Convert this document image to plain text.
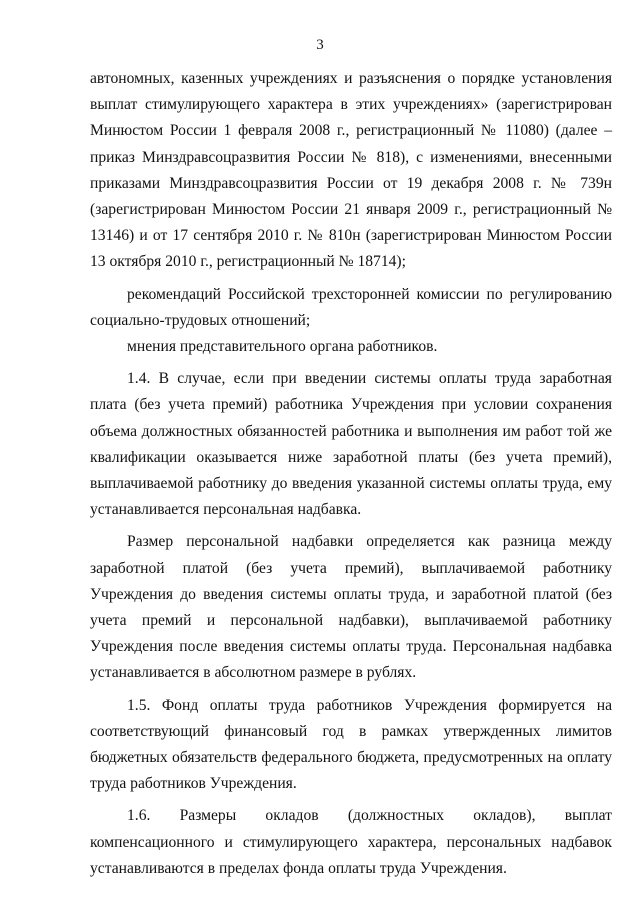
3

автономных, казенных учреждениях и разъяснения о порядке установления выплат стимулирующего характера в этих учреждениях» (зарегистрирован Минюстом России 1 февраля 2008 г., регистрационный № 11080) (далее – приказ Минздравсоцразвития России № 818), с изменениями, внесенными приказами Минздравсоцразвития России от 19 декабря 2008 г. № 739н (зарегистрирован Минюстом России 21 января 2009 г., регистрационный № 13146) и от 17 сентября 2010 г. № 810н (зарегистрирован Минюстом России 13 октября 2010 г., регистрационный № 18714);

рекомендаций Российской трехсторонней комиссии по регулированию социально-трудовых отношений;

мнения представительного органа работников.

1.4. В случае, если при введении системы оплаты труда заработная плата (без учета премий) работника Учреждения при условии сохранения объема должностных обязанностей работника и выполнения им работ той же квалификации оказывается ниже заработной платы (без учета премий), выплачиваемой работнику до введения указанной системы оплаты труда, ему устанавливается персональная надбавка.

Размер персональной надбавки определяется как разница между заработной платой (без учета премий), выплачиваемой работнику Учреждения до введения системы оплаты труда, и заработной платой (без учета премий и персональной надбавки), выплачиваемой работнику Учреждения после введения системы оплаты труда. Персональная надбавка устанавливается в абсолютном размере в рублях.

1.5. Фонд оплаты труда работников Учреждения формируется на соответствующий финансовый год в рамках утвержденных лимитов бюджетных обязательств федерального бюджета, предусмотренных на оплату труда работников Учреждения.

1.6. Размеры окладов (должностных окладов), выплат компенсационного и стимулирующего характера, персональных надбавок устанавливаются в пределах фонда оплаты труда Учреждения.
